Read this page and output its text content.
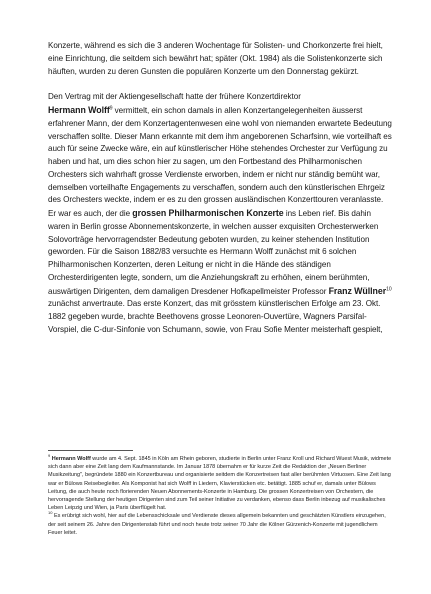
Konzerte, während es sich die 3 anderen Wochentage für Solisten- und Chorkonzerte frei hielt, eine Einrichtung, die seitdem sich bewährt hat; später (Okt. 1984) als die Solistenkonzerte sich häuften, wurden zu deren Gunsten die populären Konzerte um den Donnerstag gekürzt.

Den Vertrag mit der Aktiengesellschaft hatte der frühere Konzertdirektor
Hermann Wolff$^9$ vermittelt, ein schon damals in allen Konzertangelegenheiten äusserst erfahrener Mann, der dem Konzertagentenwesen eine wohl von niemanden erwartete Bedeutung verschaffen sollte. Dieser Mann erkannte mit dem ihm angeborenen Scharfsinn, wie vorteilhaft es auch für seine Zwecke wäre, ein auf künstlerischer Höhe stehendes Orchester zur Verfügung zu haben und hat, um dies schon hier zu sagen, um den Fortbestand des Philharmonischen Orchesters sich wahrhaft grosse Verdienste erworben, indem er nicht nur ständig bemüht war, demselben vorteilhafte Engagements zu verschaffen, sondern auch den künstlerischen Ehrgeiz des Orchesters weckte, indem er es zu den grossen ausländischen Konzerttouren veranlasste. Er war es auch, der die grossen Philharmonischen Konzerte ins Leben rief. Bis dahin waren in Berlin grosse Abonnementskonzerte, in welchen ausser exquisiten Orchesterwerken Solovorträge hervorragendster Bedeutung geboten wurden, zu keiner stehenden Institution geworden. Für die Saison 1882/83 versuchte es Hermann Wolff zunächst mit 6 solchen Philharmonischen Konzerten, deren Leitung er nicht in die Hände des ständigen Orchesterdirigenten legte, sondern, um die Anziehungskraft zu erhöhen, einem berühmten, auswärtigen Dirigenten, dem damaligen Dresdener Hofkapellmeister Professor Franz Wüllner$^{10}$ zunächst anvertraute. Das erste Konzert, das mit grösstem künstlerischen Erfolge am 23. Okt. 1882 gegeben wurde, brachte Beethovens grosse Leonoren-Ouvertüre, Wagners Parsifal-Vorspiel, die C-dur-Sinfonie von Schumann, sowie, von Frau Sofie Menter meisterhaft gespielt,

$^9$ Hermann Wolff wurde am 4. Sept. 1845 in Köln am Rhein geboren, studierte in Berlin unter Franz Kroll und Richard Wuest Musik, widmete sich dann aber eine Zeit lang dem Kaufmannstande. Im Januar 1878 übernahm er für kurze Zeit die Redaktion der „Neuen Berliner Musikzeitung", begründete 1880 ein Konzertbureau und organisierte seitdem die Konzertreisen fast aller berühmten Virtuosen. Eine Zeit lang war er Bülows Reisebegleiter. Als Komponist hat sich Wolff in Liedern, Klavierstücken etc. betätigt. 1885 schuf er, damals unter Bülows Leitung, die auch heute noch florierenden Neuen Abonnements-Konzerte in Hamburg. Die grossen Konzertreisen von Orchestern, die hervorragende Stellung der heutigen Dirigenten sind zum Teil seiner Initiative zu verdanken, ebenso dass Berlin inbezug auf musikalisches Leben Leipzig und Wien, ja Paris überflügelt hat.

$^{10}$ Es erübrigt sich wohl, hier auf die Lebensschicksale und Verdienste dieses allgemein bekannten und geschätzten Künstlers einzugehen, der seit seinem 26. Jahre den Dirigentenstab führt und noch heute trotz seiner 70 Jahr die Kölner Gürzenich-Konzerte mit jugendlichem Feuer leitet.
